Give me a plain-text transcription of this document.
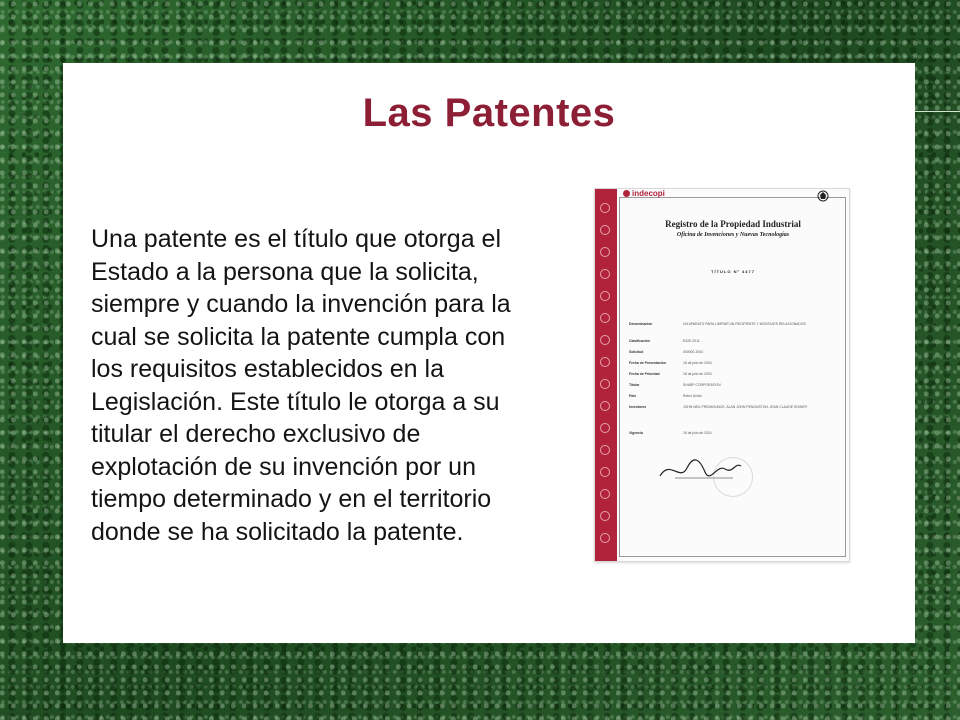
Las Patentes

Una patente es el título que otorga el Estado a la persona que la solicita, siempre y cuando la invención para la cual se solicita la patente cumpla con los requisitos establecidos en la Legislación. Este título le otorga a su titular el derecho exclusivo de explotación de su invención por un tiempo determinado y en el territorio donde se ha solicitado la patente.

indecopi
Registro de la Propiedad Industrial
Oficina de Invenciones y Nuevas Tecnologías
TÍTULO Nº 4477
Denominación	UN APARATO PARA LIMPIAR UN RECIPIENTE Y MONTAJES RELACIONADOS
Clasificación	E02D 2011
Solicitud	000000-2004
Fecha de Presentación	16 de julio de 2004
Fecha de Prioridad	18 de julio de 2003
Titular	SHARP CORPORATION
País	Reino Unido
Inventores	JOHN NEIL PRIDMOUNCE, ALAN JOHN PENGUSTON, JEAN CLAUDE ROWER
Vigencia	16 de julio de 2024
